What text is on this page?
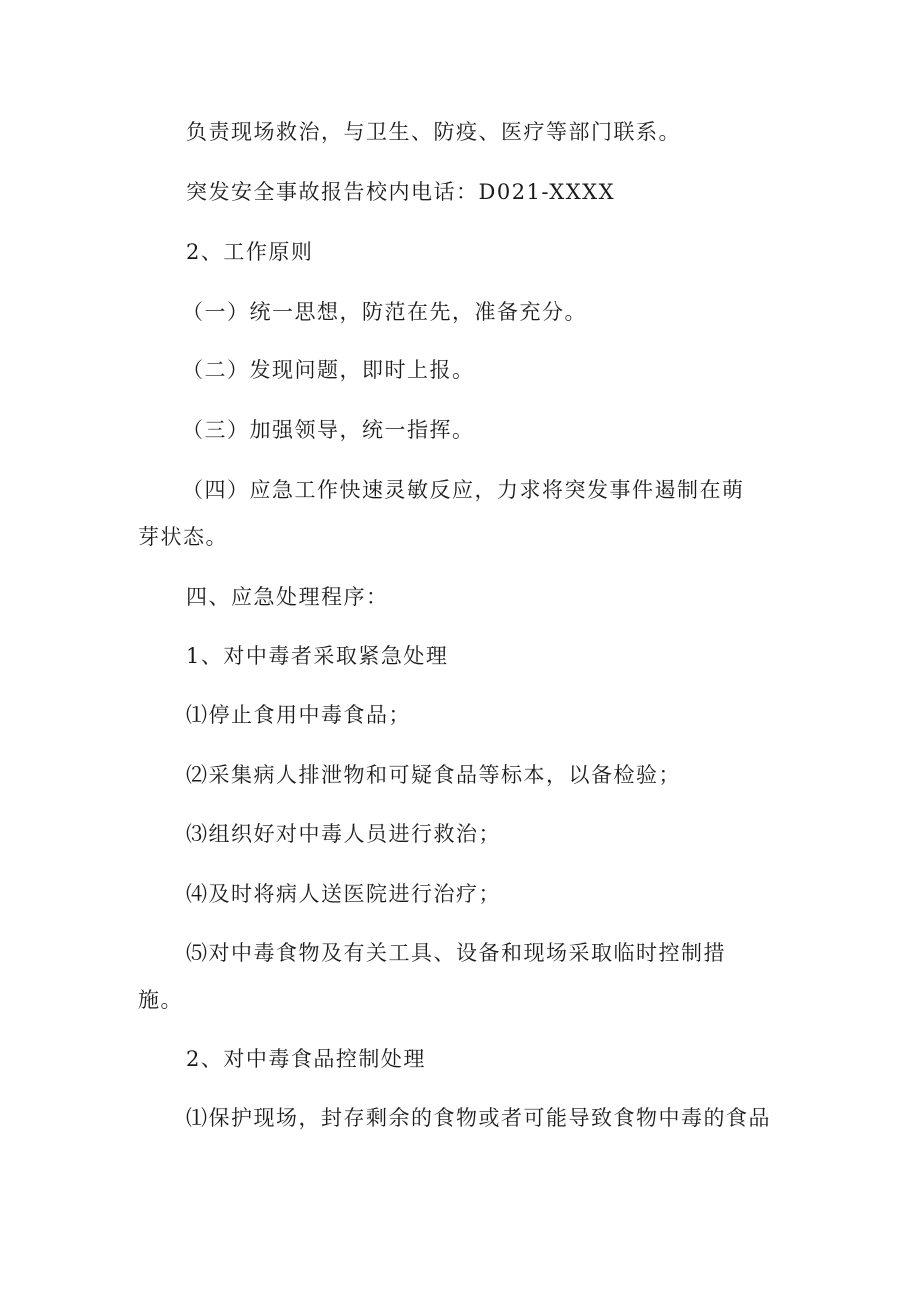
负责现场救治，与卫生、防疫、医疗等部门联系。
突发安全事故报告校内电话：D021-XXXX
2、工作原则
（一）统一思想，防范在先，准备充分。
（二）发现问题，即时上报。
（三）加强领导，统一指挥。
（四）应急工作快速灵敏反应，力求将突发事件遏制在萌
芽状态。
四、应急处理程序：
1、对中毒者采取紧急处理
⑴停止食用中毒食品；
⑵采集病人排泄物和可疑食品等标本，以备检验；
⑶组织好对中毒人员进行救治；
⑷及时将病人送医院进行治疗；
⑸对中毒食物及有关工具、设备和现场采取临时控制措
施。
2、对中毒食品控制处理
⑴保护现场，封存剩余的食物或者可能导致食物中毒的食品
